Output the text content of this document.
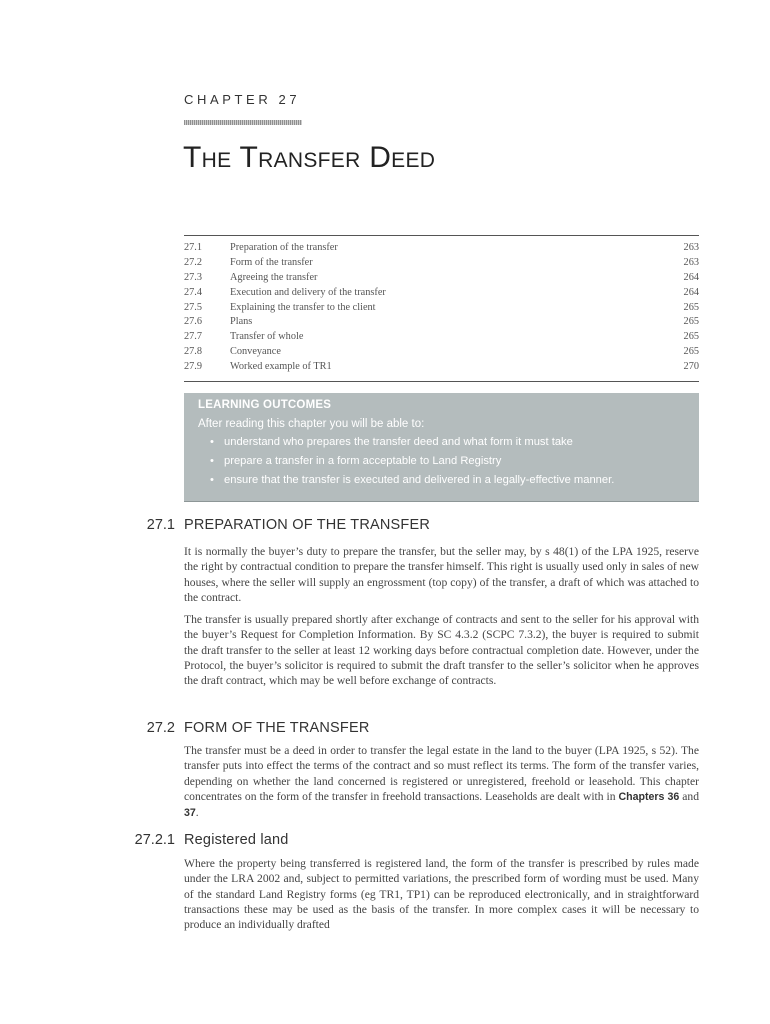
CHAPTER 27
The Transfer Deed
27.1	Preparation of the transfer	263
27.2	Form of the transfer	263
27.3	Agreeing the transfer	264
27.4	Execution and delivery of the transfer	264
27.5	Explaining the transfer to the client	265
27.6	Plans	265
27.7	Transfer of whole	265
27.8	Conveyance	265
27.9	Worked example of TR1	270

LEARNING OUTCOMES

After reading this chapter you will be able to:

• understand who prepares the transfer deed and what form it must take
• prepare a transfer in a form acceptable to Land Registry
• ensure that the transfer is executed and delivered in a legally-effective manner.
27.1 PREPARATION OF THE TRANSFER

It is normally the buyer’s duty to prepare the transfer, but the seller may, by s 48(1) of the LPA 1925, reserve the right by contractual condition to prepare the transfer himself. This right is usually used only in sales of new houses, where the seller will supply an engrossment (top copy) of the transfer, a draft of which was attached to the contract.

The transfer is usually prepared shortly after exchange of contracts and sent to the seller for his approval with the buyer’s Request for Completion Information. By SC 4.3.2 (SCPC 7.3.2), the buyer is required to submit the draft transfer to the seller at least 12 working days before contractual completion date. However, under the Protocol, the buyer’s solicitor is required to submit the draft transfer to the seller’s solicitor when he approves the draft contract, which may be well before exchange of contracts.

27.2 FORM OF THE TRANSFER

The transfer must be a deed in order to transfer the legal estate in the land to the buyer (LPA 1925, s 52). The transfer puts into effect the terms of the contract and so must reflect its terms. The form of the transfer varies, depending on whether the land concerned is registered or unregistered, freehold or leasehold. This chapter concentrates on the form of the transfer in freehold transactions. Leaseholds are dealt with in Chapters 36 and 37.

27.2.1 Registered land

Where the property being transferred is registered land, the form of the transfer is prescribed by rules made under the LRA 2002 and, subject to permitted variations, the prescribed form of wording must be used. Many of the standard Land Registry forms (eg TR1, TP1) can be reproduced electronically, and in straightforward transactions these may be used as the basis of the transfer. In more complex cases it will be necessary to produce an individually drafted
